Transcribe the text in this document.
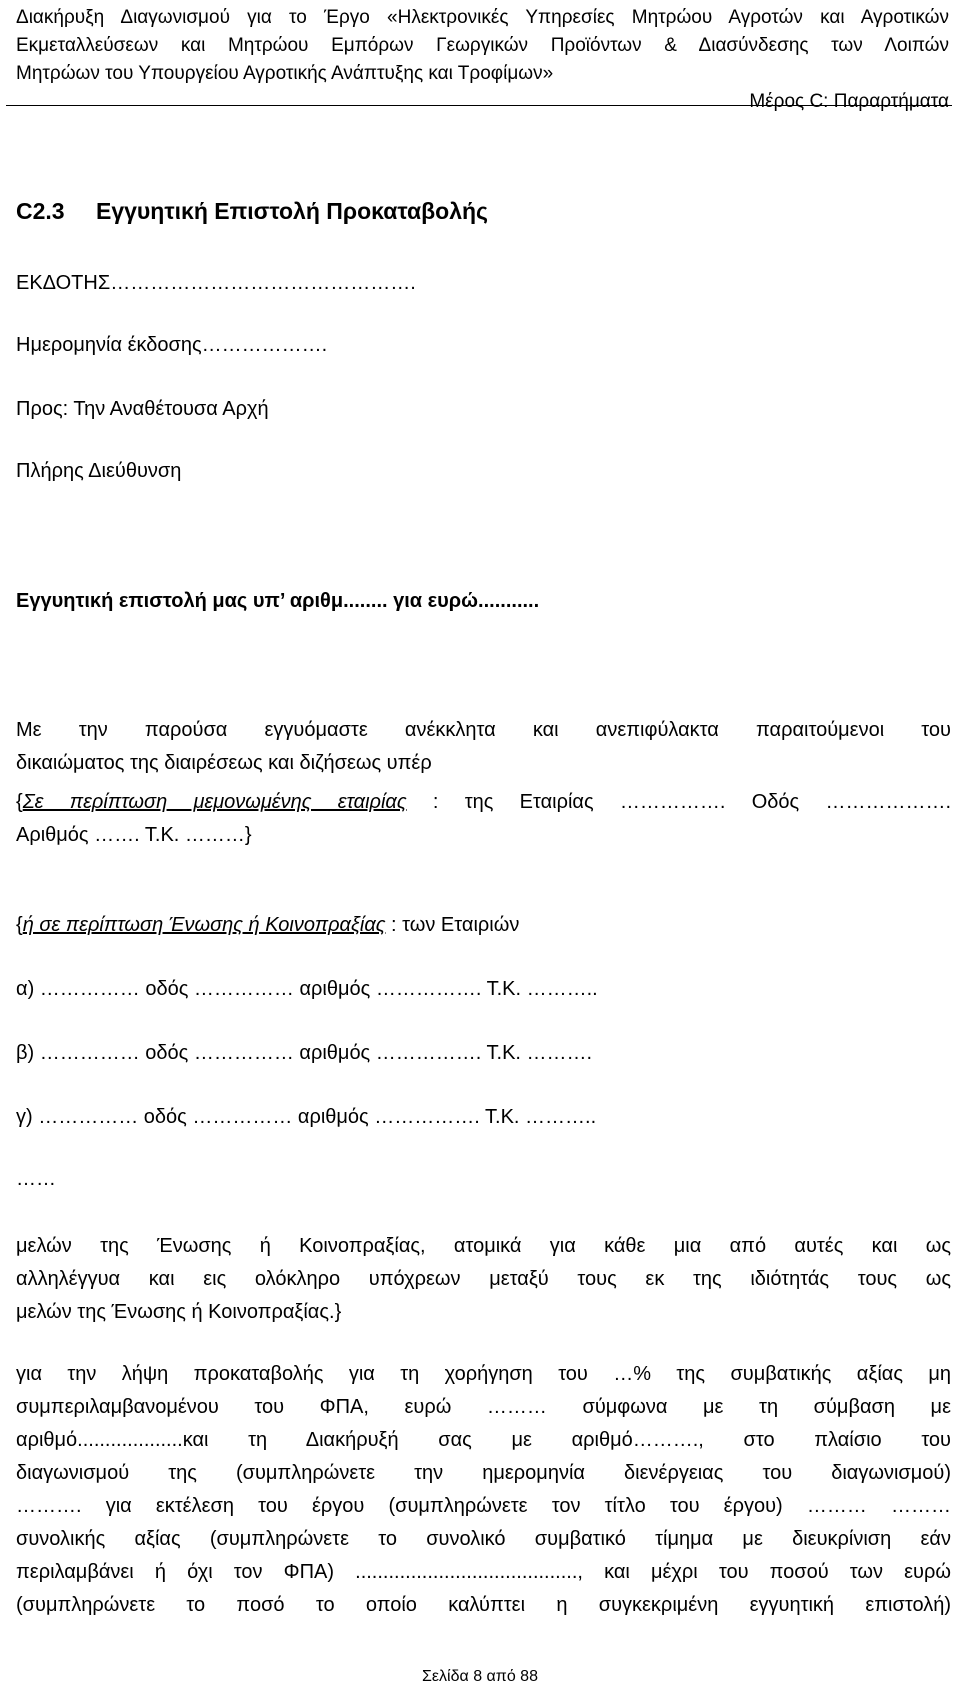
Διακήρυξη Διαγωνισμού για το Έργο «Ηλεκτρονικές Υπηρεσίες Μητρώου Αγροτών και Αγροτικών
Εκμεταλλεύσεων και Μητρώου Εμπόρων Γεωργικών Προϊόντων & Διασύνδεσης των Λοιπών
Μητρώων του Υπουργείου Αγροτικής Ανάπτυξης και Τροφίμων»
Μέρος C: Παραρτήματα
C2.3 Εγγυητική Επιστολή Προκαταβολής
ΕΚΔΟΤΗΣ……………………………………….
Ημερομηνία έκδοσης……………….
Προς: Την Αναθέτουσα Αρχή
Πλήρης Διεύθυνση
Εγγυητική επιστολή μας υπ’ αριθμ........ για ευρώ...........
Με την παρούσα εγγυόμαστε ανέκκλητα και ανεπιφύλακτα παραιτούμενοι του
δικαιώματος της διαιρέσεως και διζήσεως υπέρ
{Σε περίπτωση μεμονωμένης εταιρίας : της Εταιρίας ……………. Οδός ……………….
Αριθμός ……. Τ.Κ. ………}
{ή σε περίπτωση Ένωσης ή Κοινοπραξίας : των Εταιριών
α) …………… οδός …………… αριθμός ……………. Τ.Κ. ………..
β) …………… οδός …………… αριθμός ……………. Τ.Κ. ……….
γ) …………… οδός …………… αριθμός ……………. Τ.Κ. ………..
……
μελών της Ένωσης ή Κοινοπραξίας, ατομικά για κάθε μια από αυτές και ως
αλληλέγγυα και εις ολόκληρο υπόχρεων μεταξύ τους εκ της ιδιότητάς τους ως
μελών της Ένωσης ή Κοινοπραξίας.}
για την λήψη προκαταβολής για τη χορήγηση του …% της συμβατικής αξίας μη
συμπεριλαμβανομένου του ΦΠΑ, ευρώ ……… σύμφωνα με τη σύμβαση με
αριθμό...................και τη Διακήρυξή σας με αριθμό………., στο πλαίσιο του
διαγωνισμού της (συμπληρώνετε την ημερομηνία διενέργειας του διαγωνισμού)
………. για εκτέλεση του έργου (συμπληρώνετε τον τίτλο του έργου) ……… ………
συνολικής αξίας (συμπληρώνετε το συνολικό συμβατικό τίμημα με διευκρίνιση εάν
περιλαμβάνει ή όχι τον ΦΠΑ) ........................................, και μέχρι του ποσού των ευρώ
(συμπληρώνετε το ποσό το οποίο καλύπτει η συγκεκριμένη εγγυητική επιστολή)
Σελίδα 8 από 88
